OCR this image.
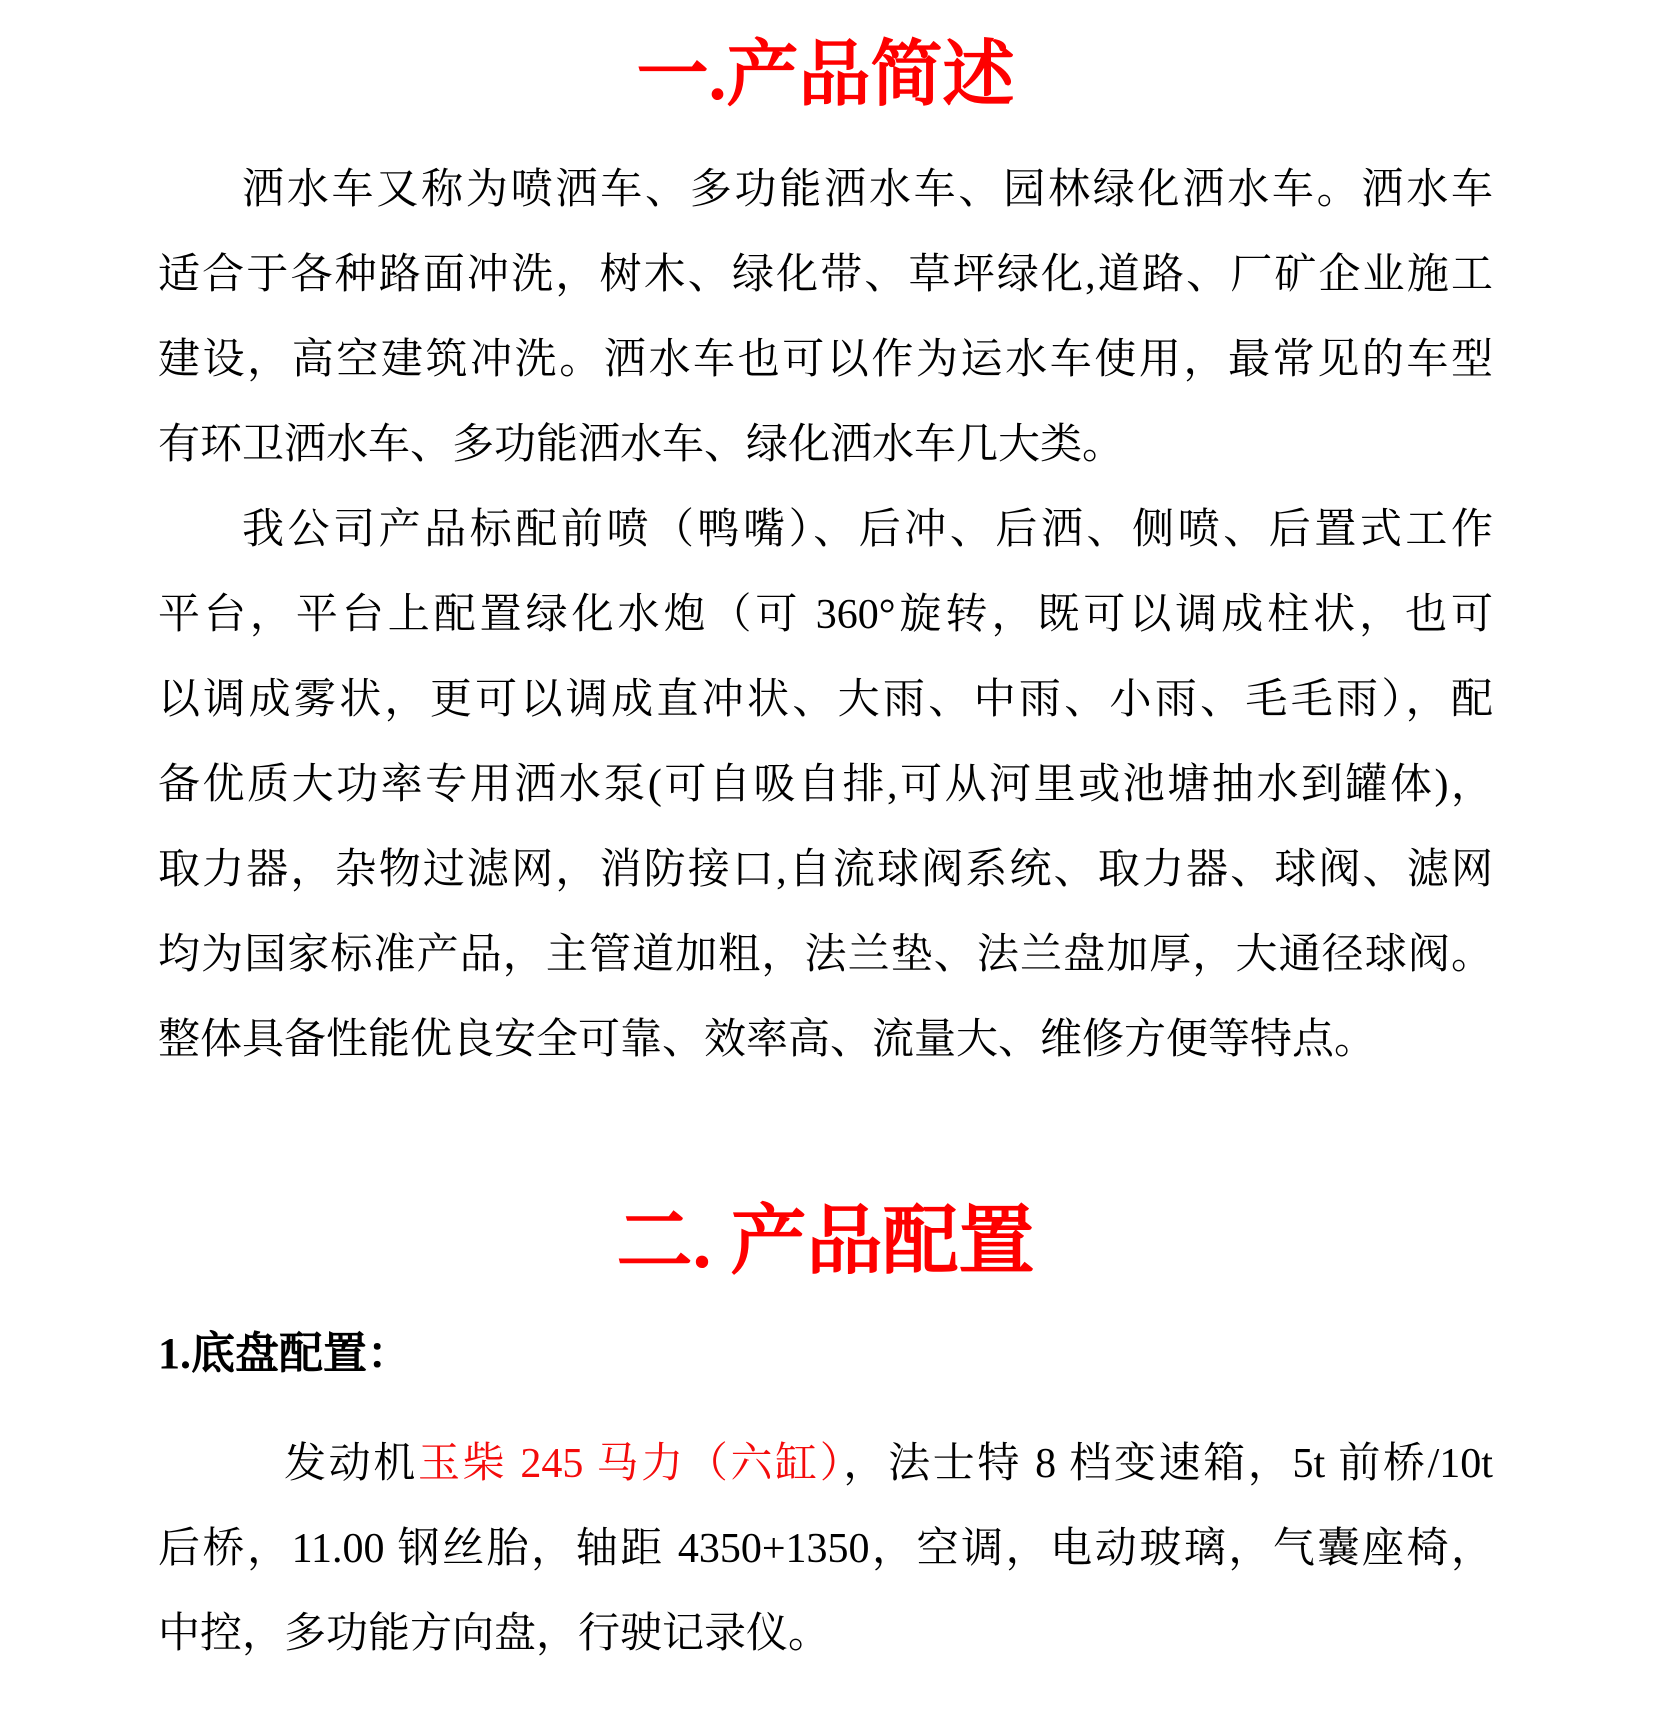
一.产品简述
洒水车又称为喷洒车、多功能洒水车、园林绿化洒水车。洒水车
适合于各种路面冲洗，树木、绿化带、草坪绿化,道路、厂矿企业施工
建设，高空建筑冲洗。洒水车也可以作为运水车使用，最常见的车型
有环卫洒水车、多功能洒水车、绿化洒水车几大类。
我公司产品标配前喷（鸭嘴）、后冲、后洒、侧喷、后置式工作
平台，平台上配置绿化水炮（可 360°旋转，既可以调成柱状，也可
以调成雾状，更可以调成直冲状、大雨、中雨、小雨、毛毛雨），配
备优质大功率专用洒水泵(可自吸自排,可从河里或池塘抽水到罐体)，
取力器，杂物过滤网，消防接口,自流球阀系统、取力器、球阀、滤网
均为国家标准产品，主管道加粗，法兰垫、法兰盘加厚，大通径球阀。
整体具备性能优良安全可靠、效率高、流量大、维修方便等特点。
二. 产品配置
1.底盘配置：
发动机玉柴 245 马力（六缸），法士特 8 档变速箱，5t 前桥/10t
后桥，11.00 钢丝胎，轴距 4350+1350，空调，电动玻璃，气囊座椅，
中控，多功能方向盘，行驶记录仪。
